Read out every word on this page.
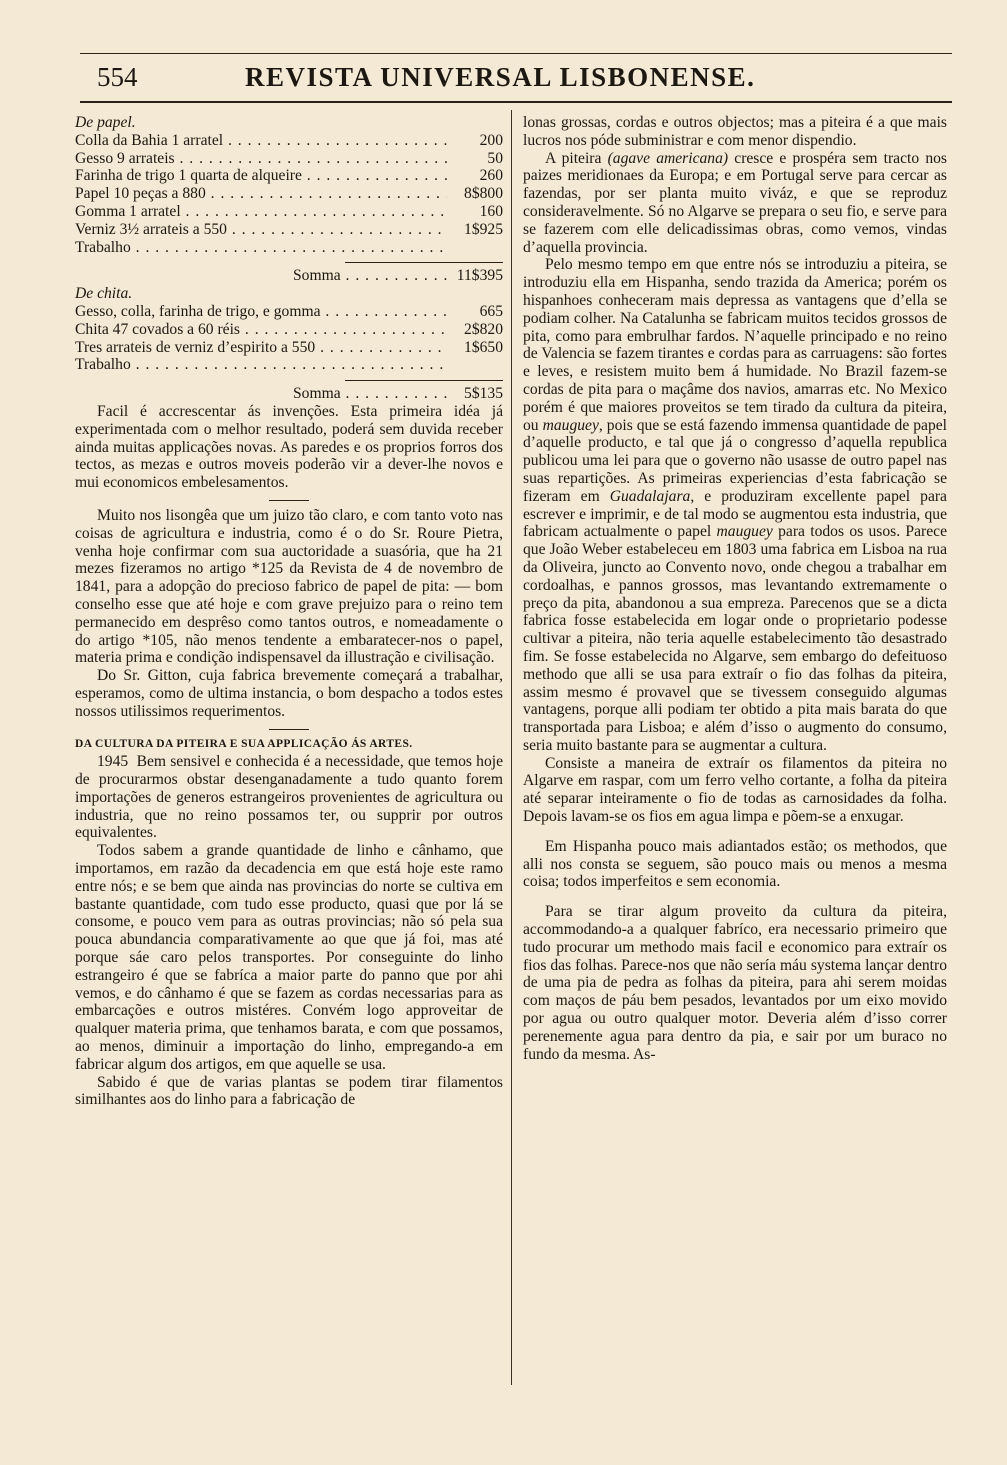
554	REVISTA UNIVERSAL LISBONENSE.

De papel.

Colla da Bahia 1 arratel . . .	200
Gesso 9 arrateis . . .	50
Farinha de trigo 1 quarta de alqueire . . .	260
Papel 10 peças a 880 . . .	8$800
Gomma 1 arratel . . .	160
Verniz 3½ arrateis a 550 . . .	1$925
Trabalho . . .
Somma . . .	11$395

De chita.

Gesso, colla, farinha de trigo, e gomma . . .	665
Chita 47 covados a 60 réis . . .	2$820
Tres arrateis de verniz d’espirito a 550 . . .	1$650
Trabalho . . .
Somma . . .	5$135

Facil é accrescentar ás invenções. Esta primeira idéa já experimentada com o melhor resultado, poderá sem duvida receber ainda muitas applicações novas. As paredes e os proprios forros dos tectos, as mezas e outros moveis poderão vir a dever-lhe novos e mui economicos embelesamentos.

Muito nos lisongêa que um juizo tão claro, e com tanto voto nas coisas de agricultura e industria, como é o do Sr. Roure Pietra, venha hoje confirmar com sua auctoridade a suasória, que ha 21 mezes fizeramos no artigo *125 da Revista de 4 de novembro de 1841, para a adopção do precioso fabrico de papel de pita: — bom conselho esse que até hoje e com grave prejuizo para o reino tem permanecido em desprêso como tantos outros, e nomeadamente o do artigo *105, não menos tendente a embaratecer-nos o papel, materia prima e condição indispensavel da illustração e civilisação.

Do Sr. Gitton, cuja fabrica brevemente começará a trabalhar, esperamos, como de ultima instancia, o bom despacho a todos estes nossos utilissimos requerimentos.

DA CULTURA DA PITEIRA E SUA APPLICAÇÃO ÁS ARTES.

1945 Bem sensivel e conhecida é a necessidade, que temos hoje de procurarmos obstar desenganadamente a tudo quanto forem importações de generos estrangeiros provenientes de agricultura ou industria, que no reino possamos ter, ou supprir por outros equivalentes.

Todos sabem a grande quantidade de linho e cânhamo, que importamos, em razão da decadencia em que está hoje este ramo entre nós; e se bem que ainda nas provincias do norte se cultiva em bastante quantidade, com tudo esse producto, quasi que por lá se consome, e pouco vem para as outras provincias; não só pela sua pouca abundancia comparativamente ao que que já foi, mas até porque sáe caro pelos transportes. Por conseguinte do linho estrangeiro é que se fabríca a maior parte do panno que por ahi vemos, e do cânhamo é que se fazem as cordas necessarias para as embarcações e outros mistéres. Convém logo approveitar de qualquer materia prima, que tenhamos barata, e com que possamos, ao menos, diminuir a importação do linho, empregando-a em fabricar algum dos artigos, em que aquelle se usa.

Sabido é que de varias plantas se podem tirar filamentos similhantes aos do linho para a fabricação de

lonas grossas, cordas e outros objectos; mas a piteira é a que mais lucros nos póde subministrar e com menor dispendio.

A piteira (agave americana) cresce e prospéra sem tracto nos paizes meridionaes da Europa; e em Portugal serve para cercar as fazendas, por ser planta muito viváz, e que se reproduz consideravelmente. Só no Algarve se prepara o seu fio, e serve para se fazerem com elle delicadissimas obras, como vemos, vindas d’aquella provincia.

Pelo mesmo tempo em que entre nós se introduziu a piteira, se introduziu ella em Hispanha, sendo trazida da America; porém os hispanhoes conheceram mais depressa as vantagens que d’ella se podiam colher. Na Catalunha se fabricam muitos tecidos grossos de pita, como para embrulhar fardos. N’aquelle principado e no reino de Valencia se fazem tirantes e cordas para as carruagens: são fortes e leves, e resistem muito bem á humidade. No Brazil fazem-se cordas de pita para o maçâme dos navios, amarras etc. No Mexico porém é que maiores proveitos se tem tirado da cultura da piteira, ou mauguey, pois que se está fazendo immensa quantidade de papel d’aquelle producto, e tal que já o congresso d’aquella republica publicou uma lei para que o governo não usasse de outro papel nas suas repartições. As primeiras experiencias d’esta fabricação se fizeram em Guadalajara, e produziram excellente papel para escrever e imprimir, e de tal modo se augmentou esta industria, que fabricam actualmente o papel mauguey para todos os usos. Parece que João Weber estabeleceu em 1803 uma fabrica em Lisboa na rua da Oliveira, juncto ao Convento novo, onde chegou a trabalhar em cordoalhas, e pannos grossos, mas levantando extremamente o preço da pita, abandonou a sua empreza. Parecenos que se a dicta fabrica fosse estabelecida em logar onde o proprietario podesse cultivar a piteira, não teria aquelle estabelecimento tão desastrado fim. Se fosse estabelecida no Algarve, sem embargo do defeituoso methodo que alli se usa para extraír o fio das folhas da piteira, assim mesmo é provavel que se tivessem conseguido algumas vantagens, porque alli podiam ter obtido a pita mais barata do que transportada para Lisboa; e além d’isso o augmento do consumo, seria muito bastante para se augmentar a cultura.

Consiste a maneira de extraír os filamentos da piteira no Algarve em raspar, com um ferro velho cortante, a folha da piteira até separar inteiramente o fio de todas as carnosidades da folha. Depois lavam-se os fios em agua limpa e põem-se a enxugar.

Em Hispanha pouco mais adiantados estão; os methodos, que alli nos consta se seguem, são pouco mais ou menos a mesma coisa; todos imperfeitos e sem economia.

Para se tirar algum proveito da cultura da piteira, accommodando-a a qualquer fabríco, era necessario primeiro que tudo procurar um methodo mais facil e economico para extraír os fios das folhas. Parece-nos que não sería máu systema lançar dentro de uma pia de pedra as folhas da piteira, para ahi serem moidas com maços de páu bem pesados, levantados por um eixo movido por agua ou outro qualquer motor. Deveria além d’isso correr perenemente agua para dentro da pia, e sair por um buraco no fundo da mesma. As-
